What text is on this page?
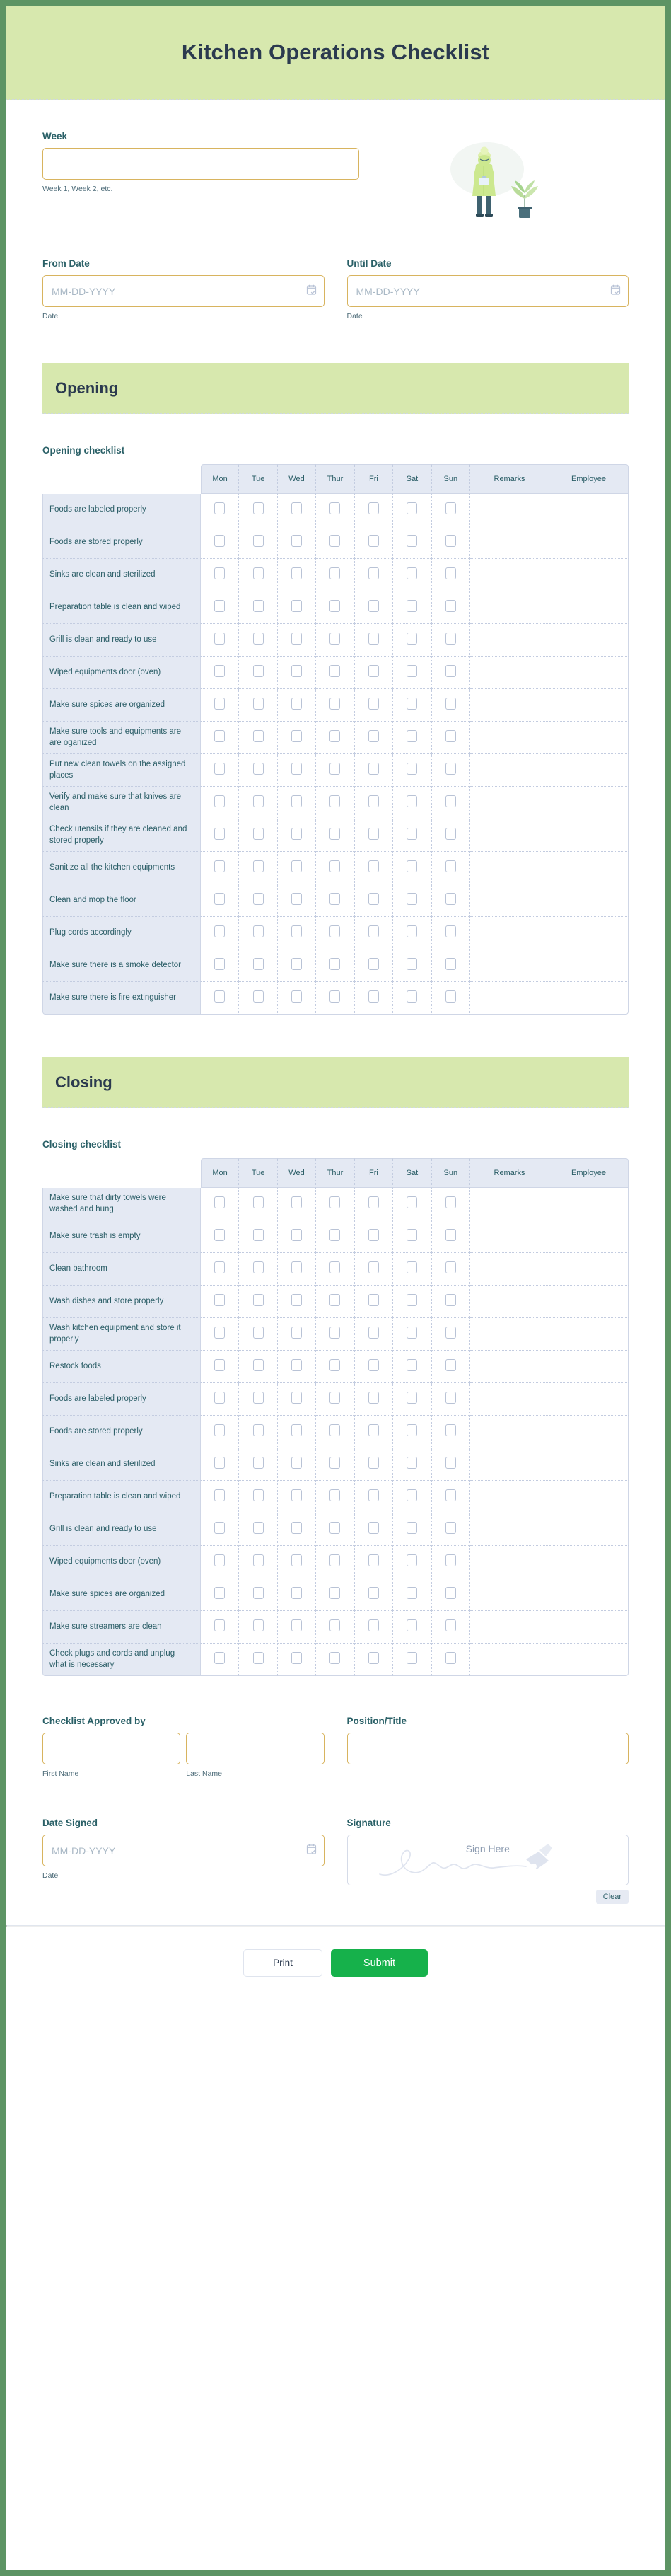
Kitchen Operations Checklist
Week
Week 1, Week 2, etc.
From Date
MM-DD-YYYY
Date
Until Date
MM-DD-YYYY
Date
Opening
Opening checklist
	Mon	Tue	Wed	Thur	Fri	Sat	Sun	Remarks	Employee
Foods are labeled properly									
Foods are stored properly									
Sinks are clean and sterilized									
Preparation table is clean and wiped									
Grill is clean and ready to use									
Wiped equipments door (oven)									
Make sure spices are organized									
Make sure tools and equipments are are oganized									
Put new clean towels on the assigned places									
Verify and make sure that knives are clean									
Check utensils if they are cleaned and stored properly									
Sanitize all the kitchen equipments									
Clean and mop the floor									
Plug cords accordingly									
Make sure there is a smoke detector									
Make sure there is fire extinguisher									
Closing
Closing checklist
	Mon	Tue	Wed	Thur	Fri	Sat	Sun	Remarks	Employee
Make sure that dirty towels were washed and hung									
Make sure trash is empty									
Clean bathroom									
Wash dishes and store properly									
Wash kitchen equipment and store it properly									
Restock foods									
Foods are labeled properly									
Foods are stored properly									
Sinks are clean and sterilized									
Preparation table is clean and wiped									
Grill is clean and ready to use									
Wiped equipments door (oven)									
Make sure spices are organized									
Make sure streamers are clean									
Check plugs and cords and unplug what is necessary									
Checklist Approved by
First Name	Last Name
Position/Title
Date Signed
MM-DD-YYYY
Date
Signature
Sign Here
Clear
Print	Submit
